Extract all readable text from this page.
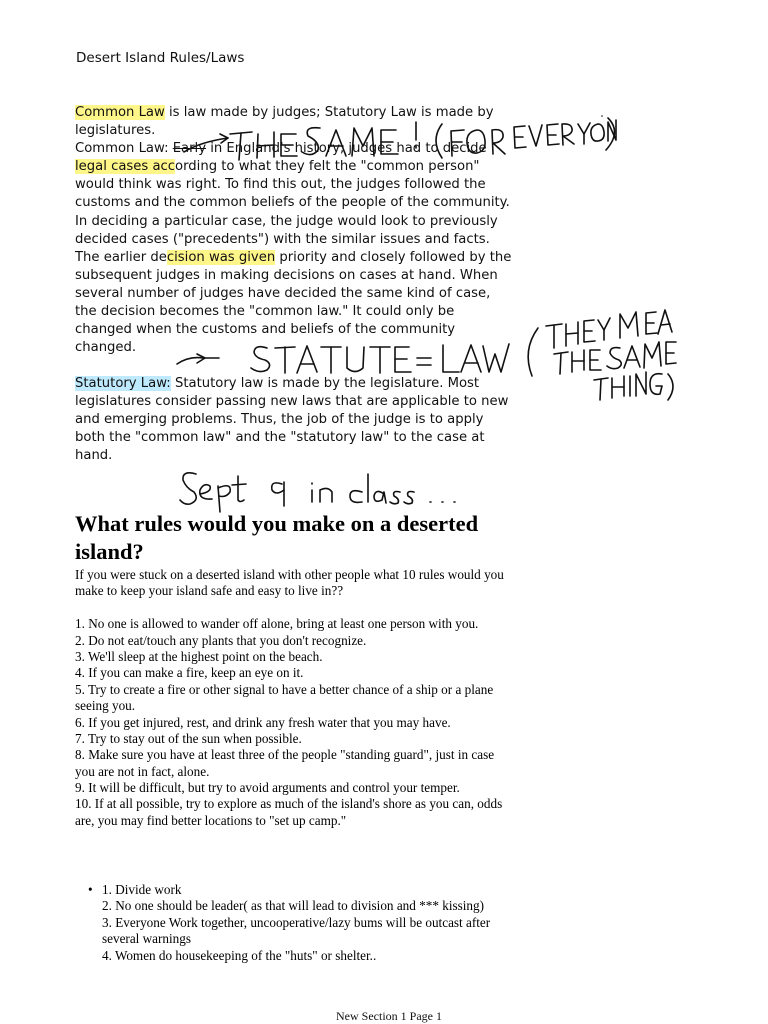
Desert Island Rules/Laws
Common Law is law made by judges; Statutory Law is made by
legislatures.
Common Law: Early in England's history, judges had to decide
legal cases according to what they felt the "common person"
would think was right. To find this out, the judges followed the
customs and the common beliefs of the people of the community.
In deciding a particular case, the judge would look to previously
decided cases ("precedents") with the similar issues and facts.
The earlier decision was given priority and closely followed by the
subsequent judges in making decisions on cases at hand. When
several number of judges have decided the same kind of case,
the decision becomes the "common law." It could only be
changed when the customs and beliefs of the community
changed.
Statutory Law: Statutory law is made by the legislature. Most
legislatures consider passing new laws that are applicable to new
and emerging problems. Thus, the job of the judge is to apply
both the "common law" and the "statutory law" to the case at
hand.
What rules would you make on a deserted island?
If you were stuck on a deserted island with other people what 10 rules would you
make to keep your island safe and easy to live in??
1. No one is allowed to wander off alone, bring at least one person with you.
2. Do not eat/touch any plants that you don't recognize.
3. We'll sleep at the highest point on the beach.
4. If you can make a fire, keep an eye on it.
5. Try to create a fire or other signal to have a better chance of a ship or a plane
seeing you.
6. If you get injured, rest, and drink any fresh water that you may have.
7. Try to stay out of the sun when possible.
8. Make sure you have at least three of the people "standing guard", just in case
you are not in fact, alone.
9. It will be difficult, but try to avoid arguments and control your temper.
10. If at all possible, try to explore as much of the island's shore as you can, odds
are, you may find better locations to "set up camp."
• 1. Divide work
2. No one should be leader( as that will lead to division and *** kissing)
3. Everyone Work together, uncooperative/lazy bums will be outcast after
several warnings
4. Women do housekeeping of the "huts" or shelter..
New Section 1 Page 1
